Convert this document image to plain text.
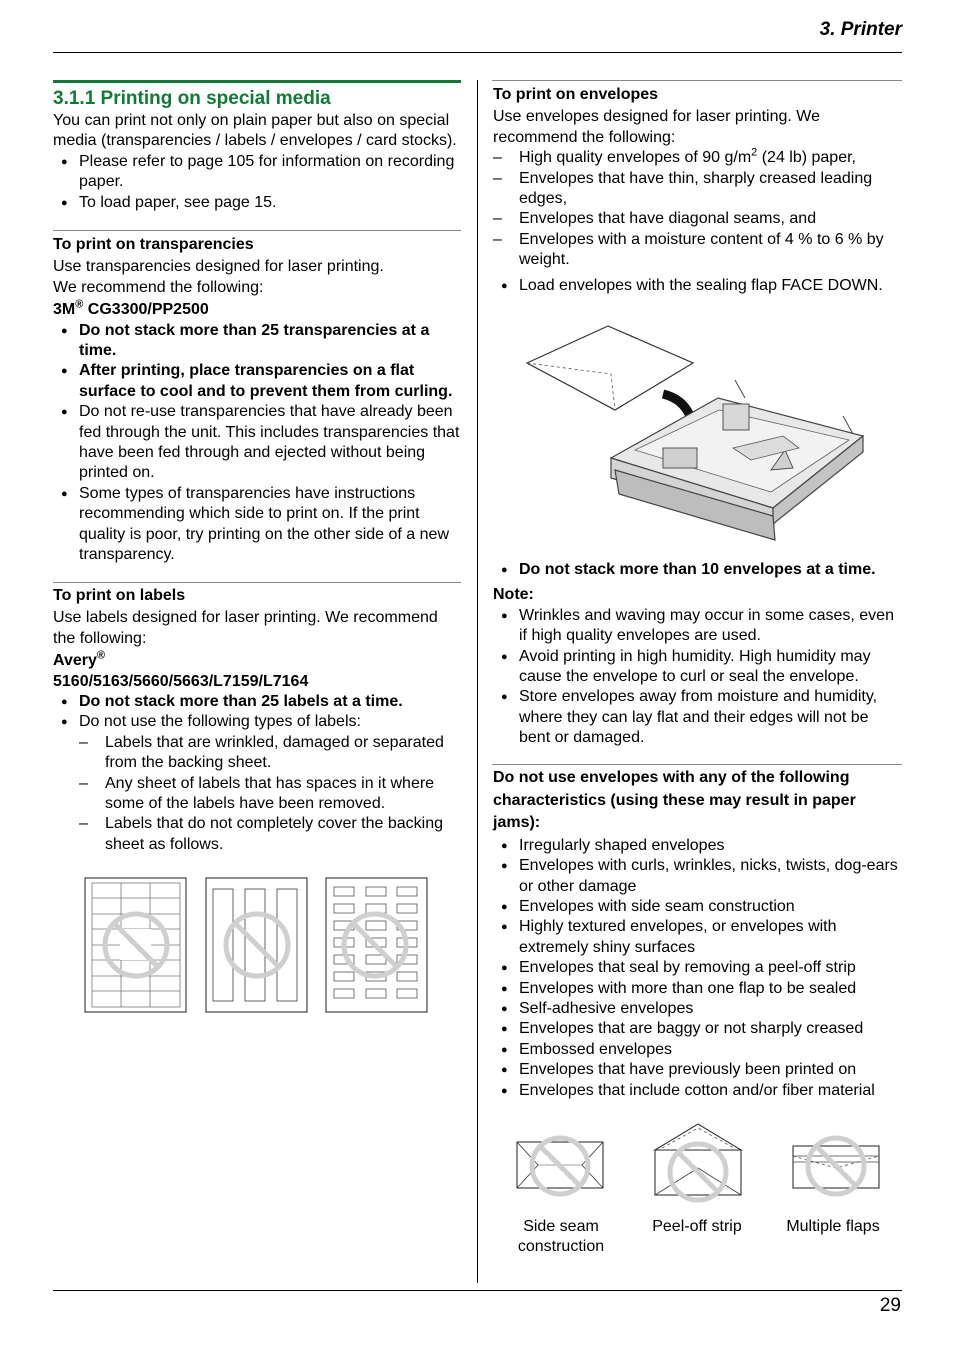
3. Printer

3.1.1 Printing on special media

You can print not only on plain paper but also on special media (transparencies / labels / envelopes / card stocks).

● Please refer to page 105 for information on recording paper.
● To load paper, see page 15.

To print on transparencies

Use transparencies designed for laser printing.

We recommend the following:

3M® CG3300/PP2500

● Do not stack more than 25 transparencies at a time.
● After printing, place transparencies on a flat surface to cool and to prevent them from curling.
● Do not re-use transparencies that have already been fed through the unit. This includes transparencies that have been fed through and ejected without being printed on.
● Some types of transparencies have instructions recommending which side to print on. If the print quality is poor, try printing on the other side of a new transparency.

To print on labels

Use labels designed for laser printing. We recommend the following:

Avery®

5160/5163/5660/5663/L7159/L7164

● Do not stack more than 25 labels at a time.
● Do not use the following types of labels:
– Labels that are wrinkled, damaged or separated from the backing sheet.
– Any sheet of labels that has spaces in it where some of the labels have been removed.
– Labels that do not completely cover the backing sheet as follows.

To print on envelopes

Use envelopes designed for laser printing. We recommend the following:

– High quality envelopes of 90 $g/m^2$ (24 lb) paper,
– Envelopes that have thin, sharply creased leading edges,
– Envelopes that have diagonal seams, and
– Envelopes with a moisture content of 4 % to 6 % by weight.
● Load envelopes with the sealing flap FACE DOWN.
● Do not stack more than 10 envelopes at a time.

Note:

● Wrinkles and waving may occur in some cases, even if high quality envelopes are used.
● Avoid printing in high humidity. High humidity may cause the envelope to curl or seal the envelope.
● Store envelopes away from moisture and humidity, where they can lay flat and their edges will not be bent or damaged.

Do not use envelopes with any of the following characteristics (using these may result in paper jams):

● Irregularly shaped envelopes
● Envelopes with curls, wrinkles, nicks, twists, dog-ears or other damage
● Envelopes with side seam construction
● Highly textured envelopes, or envelopes with extremely shiny surfaces
● Envelopes that seal by removing a peel-off strip
● Envelopes with more than one flap to be sealed
● Self-adhesive envelopes
● Envelopes that are baggy or not sharply creased
● Embossed envelopes
● Envelopes that have previously been printed on
● Envelopes that include cotton and/or fiber material
Side seam construction
Peel-off strip	Multiple flaps
29
